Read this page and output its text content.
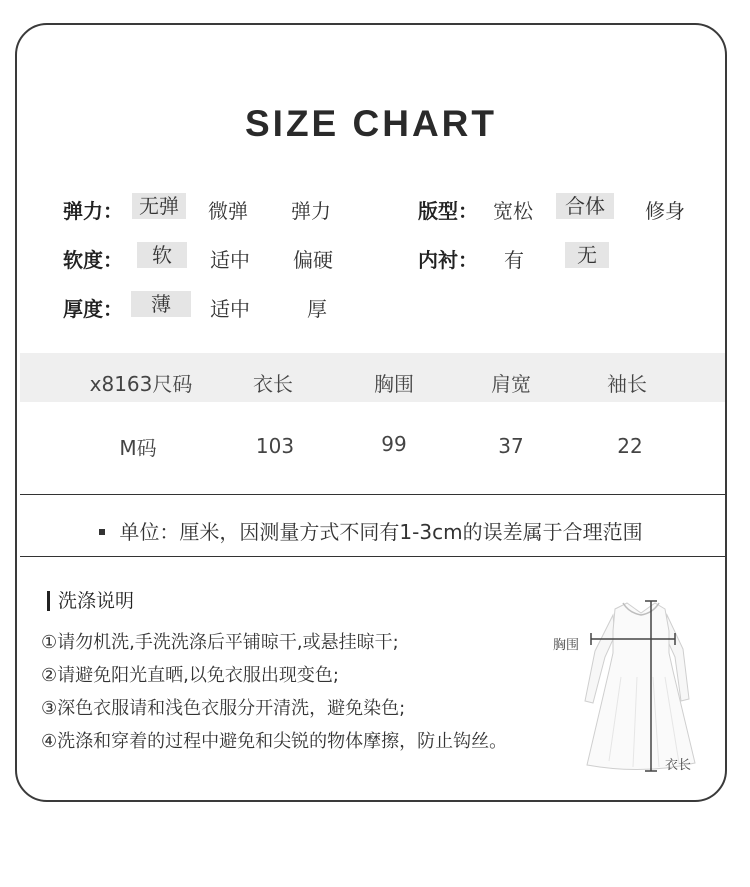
SIZE CHART
弹力： 无弹	微弹 弹力	版型： 宽松	合体	修身
软度：	软	适中 偏硬	内衬： 有	无
厚度：	薄	适中	厚
x8163尺码	衣长	胸围	肩宽	袖长
M码	103	99	37	22
单位：厘米，因测量方式不同有1-3cm的误差属于合理范围
洗涤说明
①请勿机洗,手洗洗涤后平铺晾干,或悬挂晾干;
②请避免阳光直晒,以免衣服出现变色;
③深色衣服请和浅色衣服分开清洗，避免染色;
④洗涤和穿着的过程中避免和尖锐的物体摩擦，防止钩丝。
胸围
衣长
